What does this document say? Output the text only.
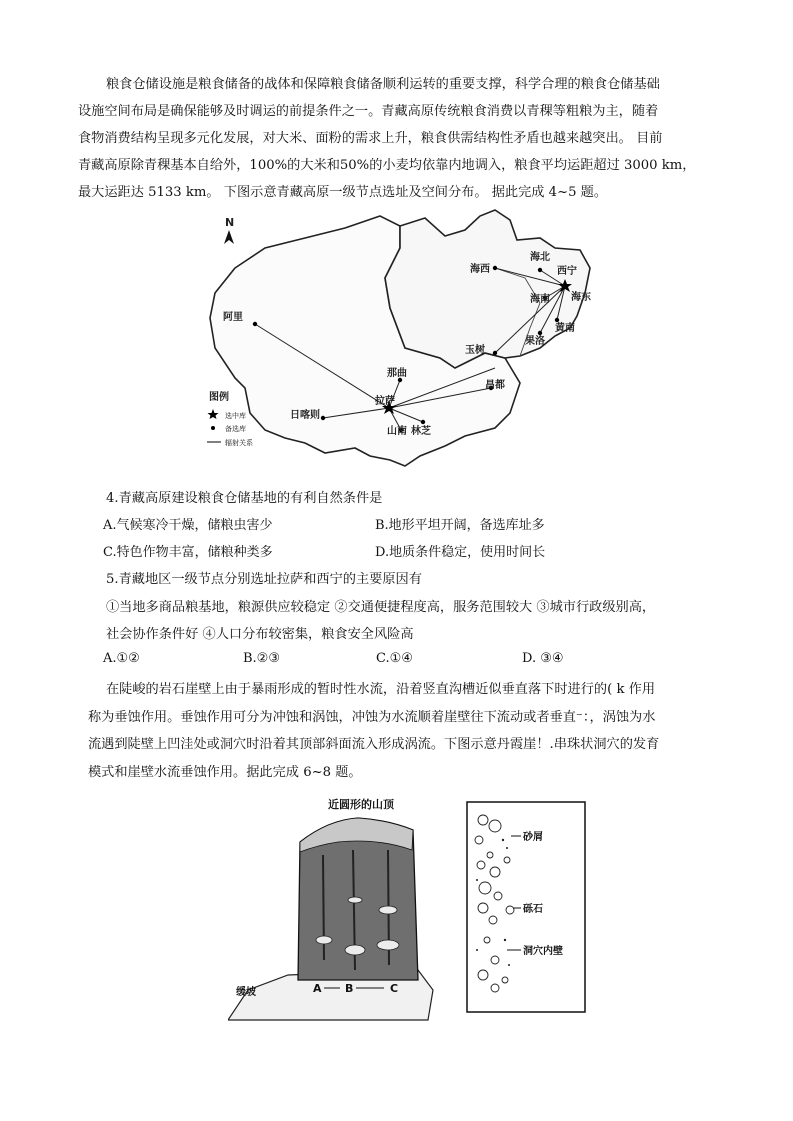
粮食仓储设施是粮食储备的战体和保障粮食储备顺利运转的重要支撑，科学合理的粮食仓储基础
设施空间布局是确保能够及时调运的前提条件之一。青藏高原传统粮食消费以青稞等粗粮为主，随着
食物消费结构呈现多元化发展，对大米、面粉的需求上升，粮食供需结构性矛盾也越来越突出。 目前
青藏高原除青稞基本自给外，100%的大米和50%的小麦均依靠内地调入，粮食平均运距超过 3000 km，
最大运距达 5133 km。 下图示意青藏高原一级节点选址及空间分布。 据此完成 4~5 题。
N
海西
海北
西宁
海南 海东
黄南
果洛
玉树
那曲
昌都
阿里
拉萨
日喀则
山南 林芝
图例
选中库
备选库
辐射关系
4.青藏高原建设粮食仓储基地的有利自然条件是
A.气候寒冷干燥，储粮虫害少	B.地形平坦开阔，备选库址多
C.特色作物丰富，储粮种类多	D.地质条件稳定，使用时间长
5.青藏地区一级节点分别选址拉萨和西宁的主要原因有
①当地多商品粮基地，粮源供应较稳定 ②交通便捷程度高，服务范围较大 ③城市行政级别高，
社会协作条件好 ④人口分布较密集，粮食安全风险高
A.①②	B.②③	C.①④	D. ③④
在陡峻的岩石崖壁上由于暴雨形成的暂时性水流，沿着竖直沟槽近似垂直落下时进行的( k 作用
称为垂蚀作用。垂蚀作用可分为冲蚀和涡蚀，冲蚀为水流顺着崖壁往下流动或者垂直⁻：，涡蚀为水
流遇到陡壁上凹洼处或洞穴时沿着其顶部斜面流入形成涡流。下图示意丹霞崖！.串珠状洞穴的发育
模式和崖壁水流垂蚀作用。据此完成 6~8 题。
近圆形的山顶
缓坡	A B	C
砂屑
砾石
洞穴内壁
